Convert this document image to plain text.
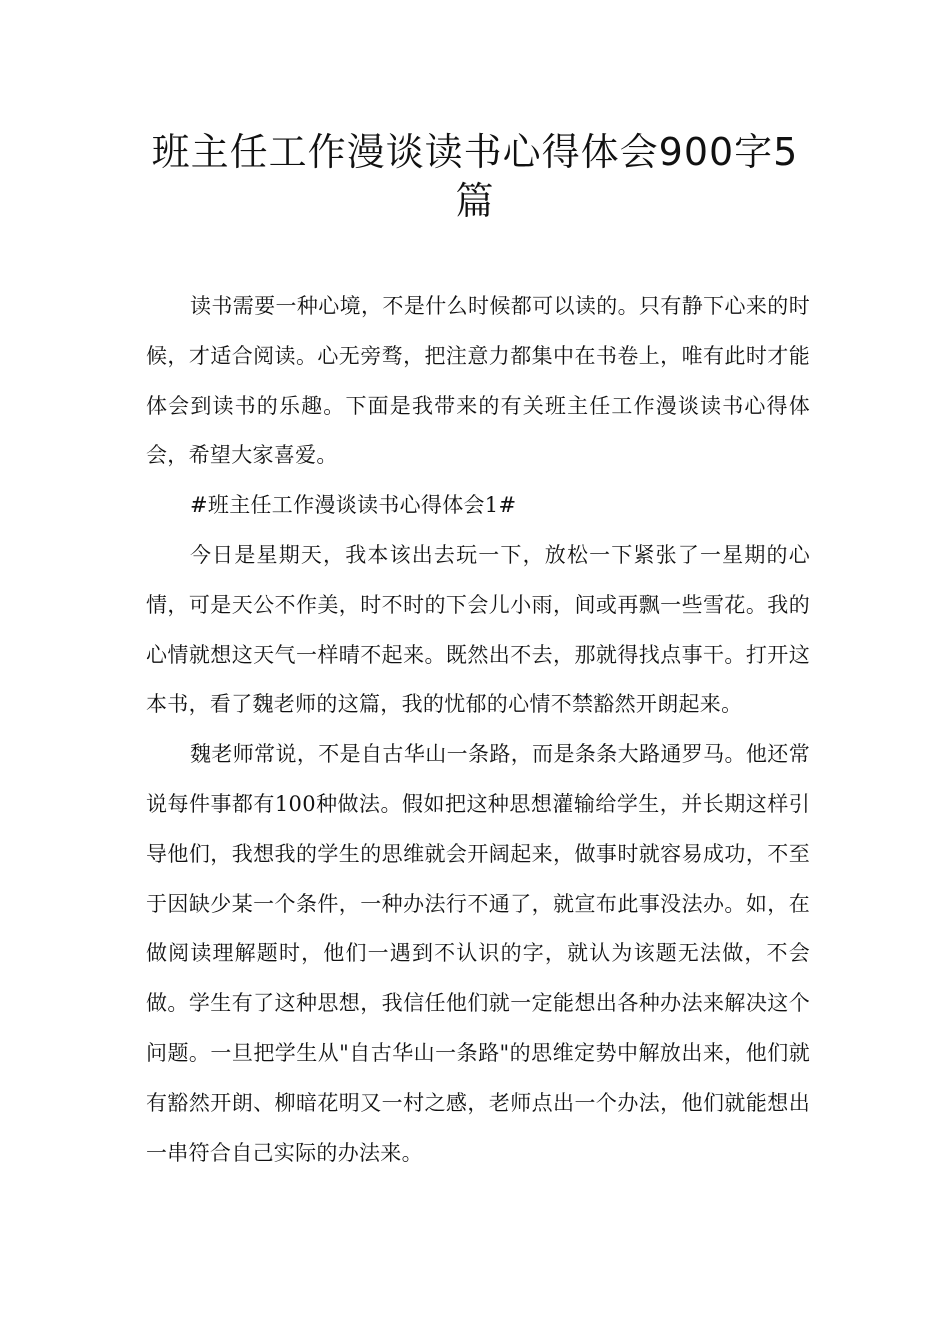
班主任工作漫谈读书心得体会900字5篇

读书需要一种心境，不是什么时候都可以读的。只有静下心来的时候，才适合阅读。心无旁骛，把注意力都集中在书卷上，唯有此时才能体会到读书的乐趣。下面是我带来的有关班主任工作漫谈读书心得体会，希望大家喜爱。

#班主任工作漫谈读书心得体会1#

今日是星期天，我本该出去玩一下，放松一下紧张了一星期的心情，可是天公不作美，时不时的下会儿小雨，间或再飘一些雪花。我的心情就想这天气一样晴不起来。既然出不去，那就得找点事干。打开这本书，看了魏老师的这篇，我的忧郁的心情不禁豁然开朗起来。

魏老师常说，不是自古华山一条路，而是条条大路通罗马。他还常说每件事都有100种做法。假如把这种思想灌输给学生，并长期这样引导他们，我想我的学生的思维就会开阔起来，做事时就容易成功，不至于因缺少某一个条件，一种办法行不通了，就宣布此事没法办。如，在做阅读理解题时，他们一遇到不认识的字，就认为该题无法做，不会做。学生有了这种思想，我信任他们就一定能想出各种办法来解决这个问题。一旦把学生从"自古华山一条路"的思维定势中解放出来，他们就有豁然开朗、柳暗花明又一村之感，老师点出一个办法，他们就能想出一串符合自己实际的办法来。
